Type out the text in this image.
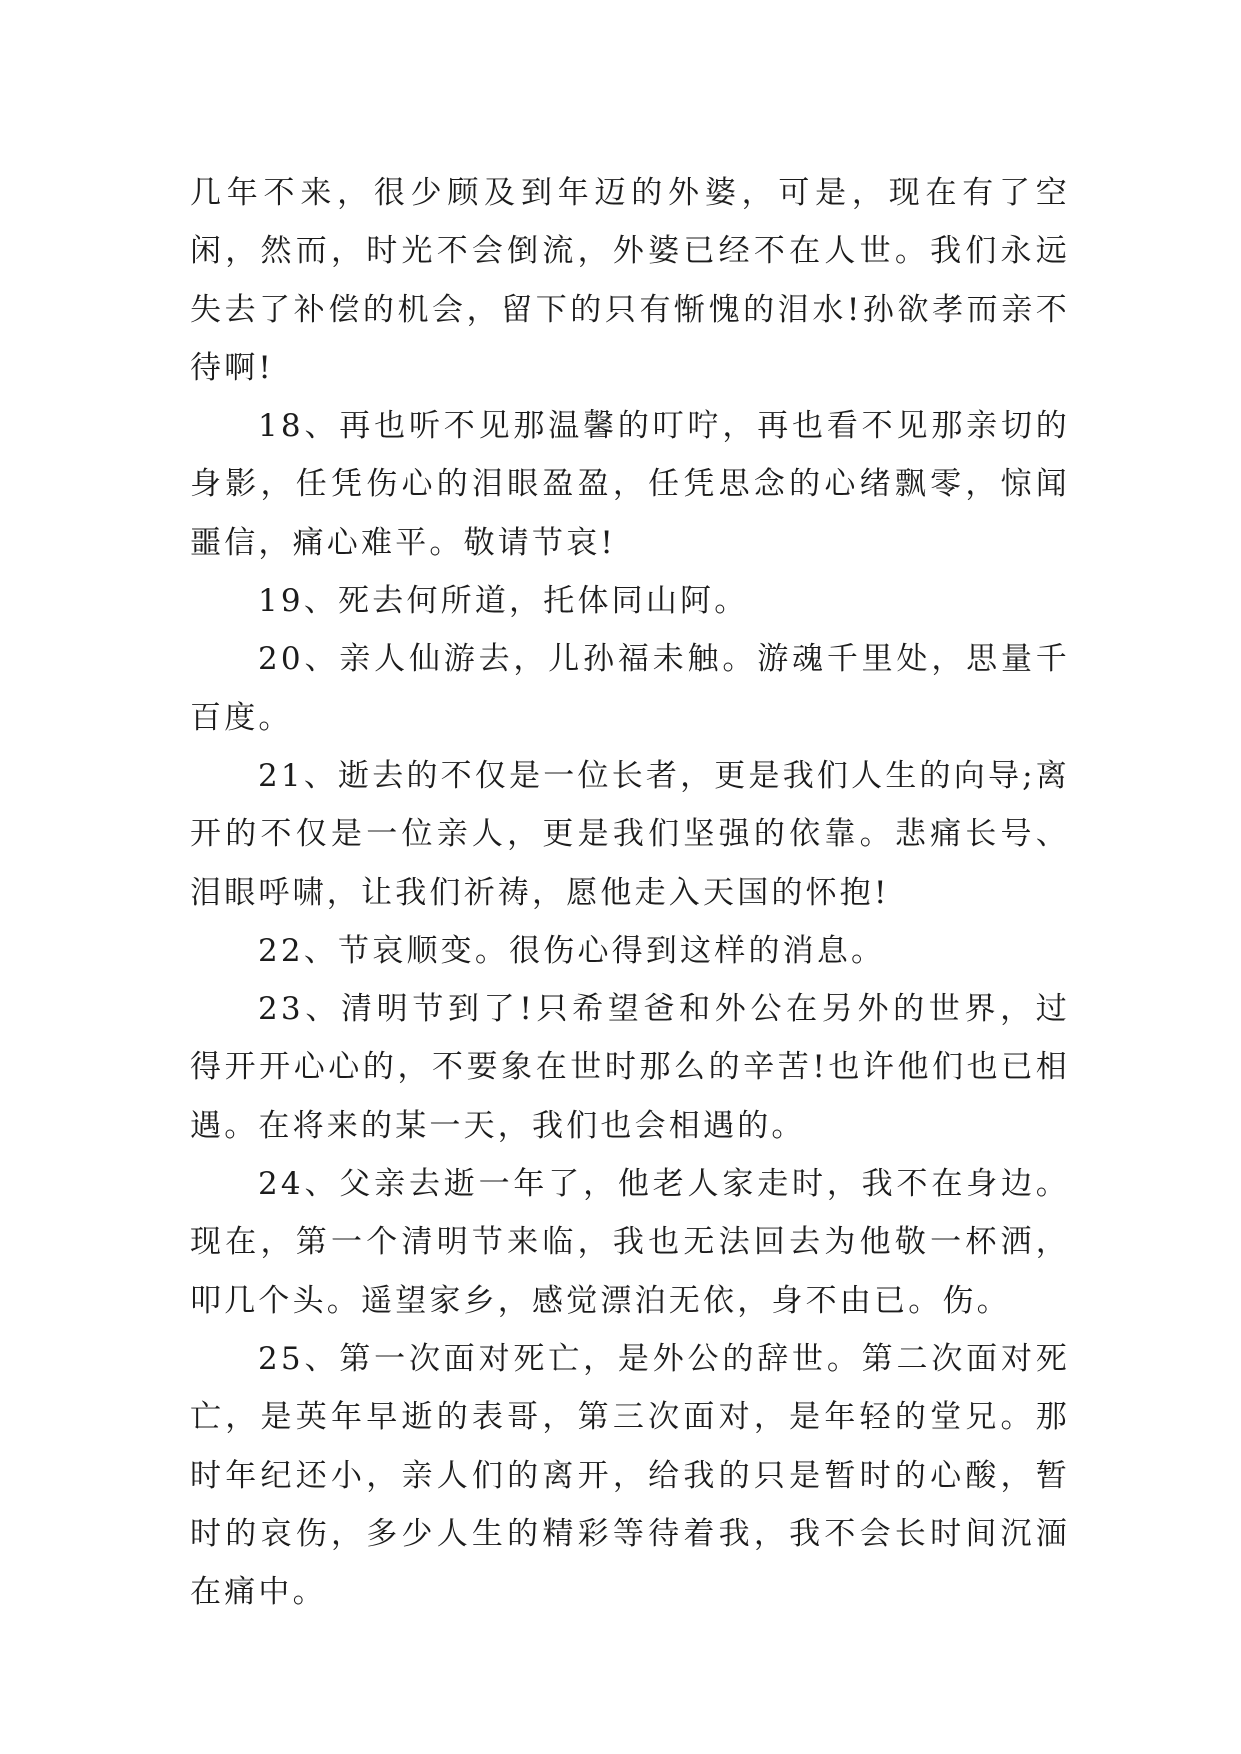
几年不来，很少顾及到年迈的外婆，可是，现在有了空闲，然而，时光不会倒流，外婆已经不在人世。我们永远失去了补偿的机会，留下的只有惭愧的泪水!孙欲孝而亲不待啊!

18、再也听不见那温馨的叮咛，再也看不见那亲切的身影，任凭伤心的泪眼盈盈，任凭思念的心绪飘零，惊闻噩信，痛心难平。敬请节哀!

19、死去何所道，托体同山阿。

20、亲人仙游去，儿孙福未触。游魂千里处，思量千百度。

21、逝去的不仅是一位长者，更是我们人生的向导;离开的不仅是一位亲人，更是我们坚强的依靠。悲痛长号、泪眼呼啸，让我们祈祷，愿他走入天国的怀抱!

22、节哀顺变。很伤心得到这样的消息。

23、清明节到了!只希望爸和外公在另外的世界，过得开开心心的，不要象在世时那么的辛苦!也许他们也已相遇。在将来的某一天，我们也会相遇的。

24、父亲去逝一年了，他老人家走时，我不在身边。现在，第一个清明节来临，我也无法回去为他敬一杯洒，叩几个头。遥望家乡，感觉漂泊无依，身不由已。伤。

25、第一次面对死亡，是外公的辞世。第二次面对死亡，是英年早逝的表哥，第三次面对，是年轻的堂兄。那时年纪还小，亲人们的离开，给我的只是暂时的心酸，暂时的哀伤，多少人生的精彩等待着我，我不会长时间沉湎在痛中。
